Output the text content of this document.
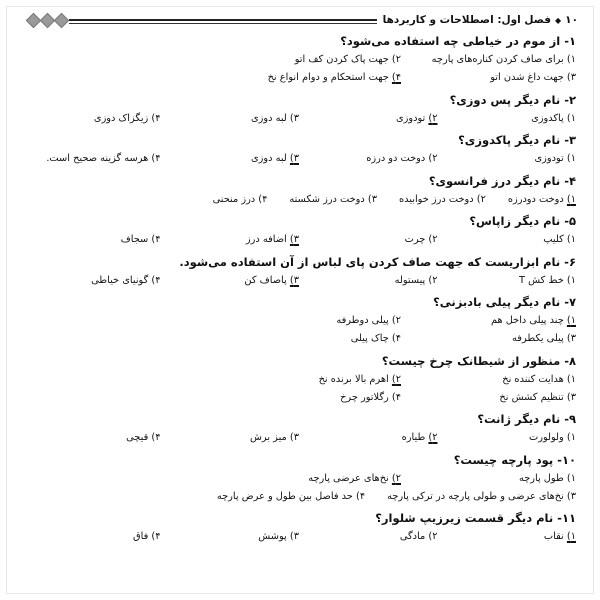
۱۰
◆
فصل اول: اصطلاحات و کاربردها
۱- از موم در خیاطی چه استفاده می‌شود؟
۱) برای صاف کردن کناره‌های پارچه
۲) جهت پاک کردن کف اتو
۳) جهت داغ شدن اتو
۴) جهت استحکام و دوام انواع نخ
۲- نام دیگر پس دوزی؟
۱) پاکدوزی
۲) تودوزی
۳) لبه دوزی
۴) زیگزاک دوزی
۳- نام دیگر پاکدوزی؟
۱) تودوزی
۲) دوخت دو درزه
۳) لبه دوزی
۴) هرسه گزینه صحیح است.
۴- نام دیگر درز فرانسوی؟
۱) دوخت دودرزه
۲) دوخت درز خوابیده
۳) دوخت درز شکسته
۴) درز منحنی
۵- نام دیگر زاپاس؟
۱) کلیپ
۲) چرت
۳) اضافه درز
۴) سجاف
۶- نام ابزاریست که جهت صاف کردن پای لباس از آن استفاده می‌شود.
۱) خط کش T
۲) پیستوله
۳) پاصاف کن
۴) گونیای خیاطی
۷- نام دیگر پیلی بادبزنی؟
۱) چند پیلی داخل هم
۲) پیلی دوطرفه
۳) پیلی یکطرفه
۴) چاک پیلی
۸- منظور از شیطانک چرخ چیست؟
۱) هدایت کننده نخ
۲) اهرم بالا برنده نخ
۳) تنظیم کشش نخ
۴) رگلاتور چرخ
۹- نام دیگر ژانت؟
۱) ولولورت
۲) طیاره
۳) میز برش
۴) قیچی
۱۰- پود پارچه چیست؟
۱) طول پارچه
۲) نخ‌های عرضی پارچه
۳) نخ‌های عرضی و طولی پارچه در ترکی پارچه
۴) حد فاصل بین طول و عرض پارچه
۱۱- نام دیگر قسمت زیرزیپ شلوار؟
۱) نقاب
۲) مادگی
۳) پوشش
۴) فاق
